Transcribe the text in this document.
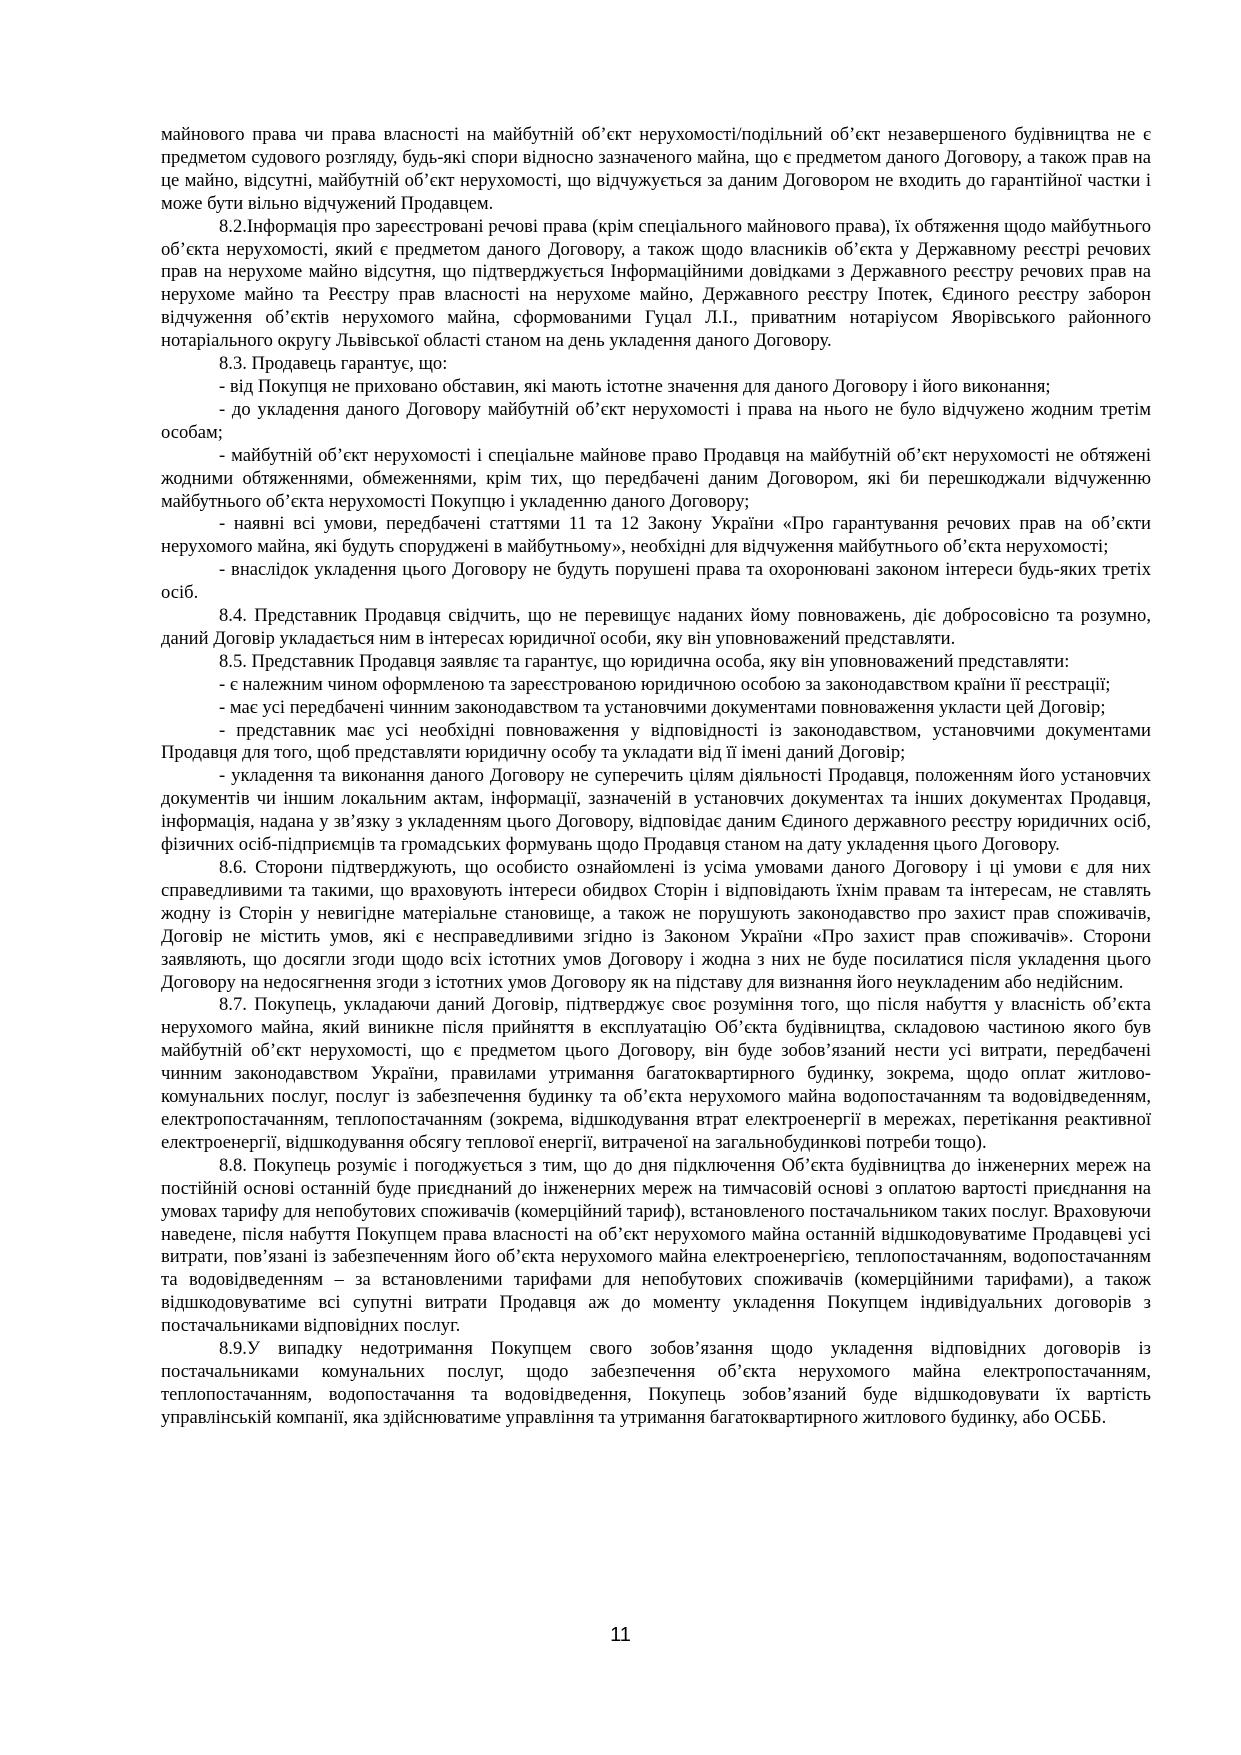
майнового права чи права власності на майбутній об’єкт нерухомості/подільний об’єкт незавершеного будівництва не є предметом судового розгляду, будь-які спори відносно зазначеного майна, що є предметом даного Договору, а також прав на це майно, відсутні, майбутній об’єкт нерухомості, що відчужується за даним Договором не входить до гарантійної частки і може бути вільно відчужений Продавцем.

8.2.Інформація про зареєстровані речові права (крім спеціального майнового права), їх обтяження щодо майбутнього об’єкта нерухомості, який є предметом даного Договору, а також щодо власників об’єкта у Державному реєстрі речових прав на нерухоме майно відсутня, що підтверджується Інформаційними довідками з Державного реєстру речових прав на нерухоме майно та Реєстру прав власності на нерухоме майно, Державного реєстру Іпотек, Єдиного реєстру заборон відчуження об’єктів нерухомого майна, сформованими Гуцал Л.І., приватним нотаріусом Яворівського районного нотаріального округу Львівської області станом на день укладення даного Договору.

8.3. Продавець гарантує, що:

- від Покупця не приховано обставин, які мають істотне значення для даного Договору і його виконання;

- до укладення даного Договору майбутній об’єкт нерухомості і права на нього не було відчужено жодним третім особам;

- майбутній об’єкт нерухомості і спеціальне майнове право Продавця на майбутній об’єкт нерухомості не обтяжені жодними обтяженнями, обмеженнями, крім тих, що передбачені даним Договором, які би перешкоджали відчуженню майбутнього об’єкта нерухомості Покупцю і укладенню даного Договору;

- наявні всі умови, передбачені статтями 11 та 12 Закону України «Про гарантування речових прав на об’єкти нерухомого майна, які будуть споруджені в майбутньому», необхідні для відчуження майбутнього об’єкта нерухомості;

- внаслідок укладення цього Договору не будуть порушені права та охоронювані законом інтереси будь-яких третіх осіб.

8.4. Представник Продавця свідчить, що не перевищує наданих йому повноважень, діє добросовісно та розумно, даний Договір укладається ним в інтересах юридичної особи, яку він уповноважений представляти.

8.5. Представник Продавця заявляє та гарантує, що юридична особа, яку він уповноважений представляти:

- є належним чином оформленою та зареєстрованою юридичною особою за законодавством країни її реєстрації;

- має усі передбачені чинним законодавством та установчими документами повноваження укласти цей Договір;

- представник має усі необхідні повноваження у відповідності із законодавством, установчими документами Продавця для того, щоб представляти юридичну особу та укладати від її імені даний Договір;

- укладення та виконання даного Договору не суперечить цілям діяльності Продавця, положенням його установчих документів чи іншим локальним актам, інформації, зазначеній в установчих документах та інших документах Продавця, інформація, надана у зв’язку з укладенням цього Договору, відповідає даним Єдиного державного реєстру юридичних осіб, фізичних осіб-підприємців та громадських формувань щодо Продавця станом на дату укладення цього Договору.

8.6. Сторони підтверджують, що особисто ознайомлені із усіма умовами даного Договору і ці умови є для них справедливими та такими, що враховують інтереси обидвох Сторін і відповідають їхнім правам та інтересам, не ставлять жодну із Сторін у невигідне матеріальне становище, а також не порушують законодавство про захист прав споживачів, Договір не містить умов, які є несправедливими згідно із Законом України «Про захист прав споживачів». Сторони заявляють, що досягли згоди щодо всіх істотних умов Договору і жодна з них не буде посилатися після укладення цього Договору на недосягнення згоди з істотних умов Договору як на підставу для визнання його неукладеним або недійсним.

8.7. Покупець, укладаючи даний Договір, підтверджує своє розуміння того, що після набуття у власність об’єкта нерухомого майна, який виникне після прийняття в експлуатацію Об’єкта будівництва, складовою частиною якого був майбутній об’єкт нерухомості, що є предметом цього Договору, він буде зобов’язаний нести усі витрати, передбачені чинним законодавством України, правилами утримання багатоквартирного будинку, зокрема, щодо оплат житлово-комунальних послуг, послуг із забезпечення будинку та об’єкта нерухомого майна водопостачанням та водовідведенням, електропостачанням, теплопостачанням (зокрема, відшкодування втрат електроенергії в мережах, перетікання реактивної електроенергії, відшкодування обсягу теплової енергії, витраченої на загальнобудинкові потреби тощо).

8.8. Покупець розуміє і погоджується з тим, що до дня підключення Об’єкта будівництва до інженерних мереж на постійній основі останній буде приєднаний до інженерних мереж на тимчасовій основі з оплатою вартості приєднання на умовах тарифу для непобутових споживачів (комерційний тариф), встановленого постачальником таких послуг. Враховуючи наведене, після набуття Покупцем права власності на об’єкт нерухомого майна останній відшкодовуватиме Продавцеві усі витрати, пов’язані із забезпеченням його об’єкта нерухомого майна електроенергією, теплопостачанням, водопостачанням та водовідведенням – за встановленими тарифами для непобутових споживачів (комерційними тарифами), а також відшкодовуватиме всі супутні витрати Продавця аж до моменту укладення Покупцем індивідуальних договорів з постачальниками відповідних послуг.

8.9.У випадку недотримання Покупцем свого зобов’язання щодо укладення відповідних договорів із постачальниками комунальних послуг, щодо забезпечення об’єкта нерухомого майна електропостачанням, теплопостачанням, водопостачання та водовідведення, Покупець зобов’язаний буде відшкодовувати їх вартість управлінській компанії, яка здійснюватиме управління та утримання багатоквартирного житлового будинку, або ОСББ.

11
